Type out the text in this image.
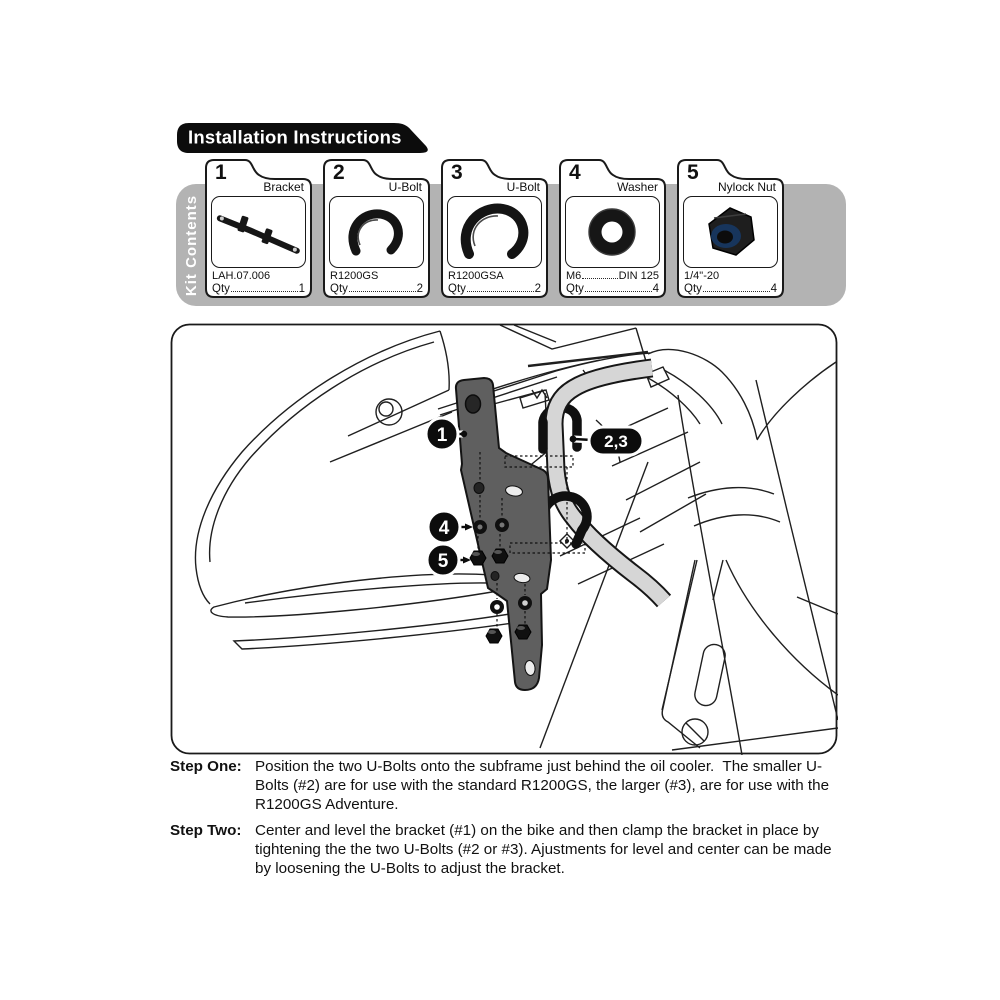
Installation Instructions
Kit Contents
1
Bracket
LAH.07.006
Qty	1
2
U-Bolt
R1200GS
Qty	2
3
U-Bolt
R1200GSA
Qty	2
4
Washer
M6	DIN 125
Qty	4
5
Nylock Nut
1/4"-20
Qty	4
1	2,3
4
5
Step One: Position the two U-Bolts onto the subframe just behind the oil cooler.  The smaller U-Bolts (#2) are for use with the standard R1200GS, the larger (#3), are for use with the R1200GS Adventure.
Step Two: Center and level the bracket (#1) on the bike and then clamp the bracket in place by tightening the the two U-Bolts (#2 or #3). Ajustments for level and center can be made by loosening the U-Bolts to adjust the bracket.
